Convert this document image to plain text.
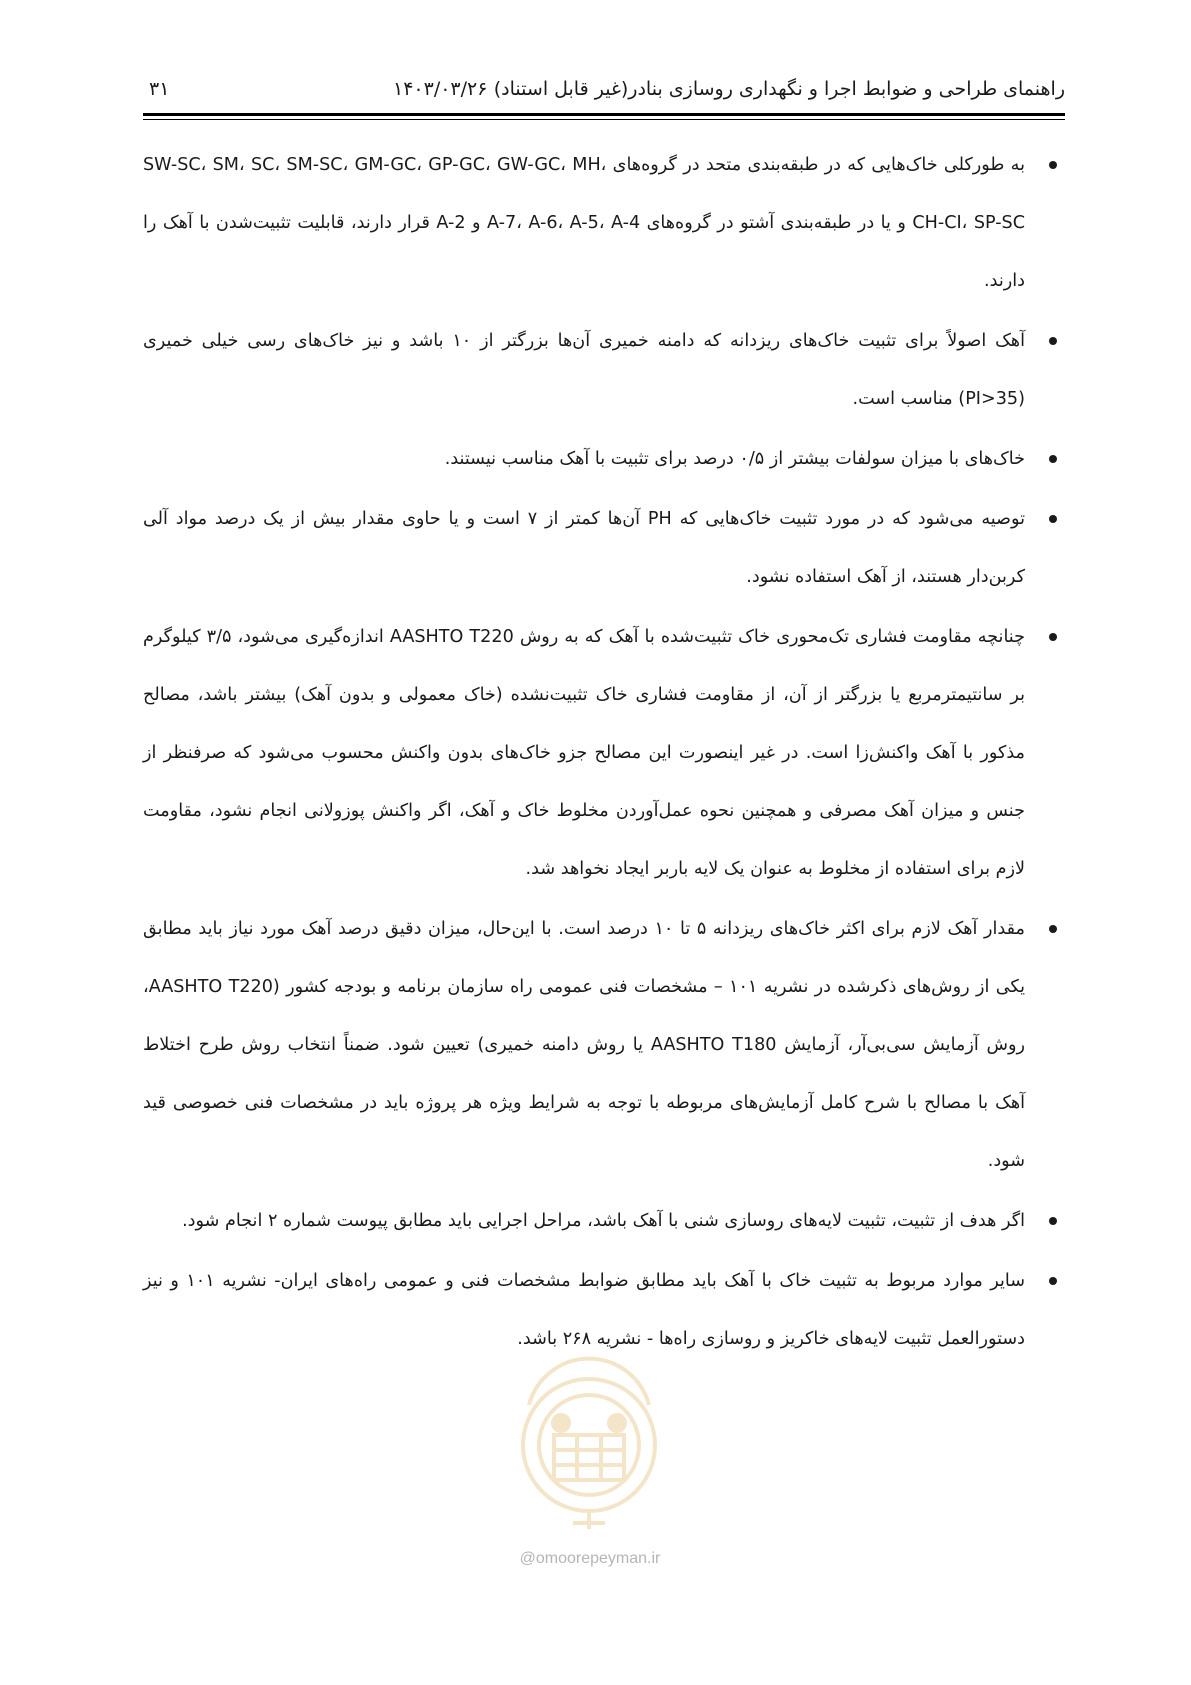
راهنمای طراحی و ضوابط اجرا و نگهداری روسازی بنادر(غیر قابل استناد)
۱۴۰۳/۰۳/۲۶
۳۱
به طورکلی خاک‌هایی که در طبقه‌بندی متحد در گروه‌های SW-SC، SM، SC، SM-SC، GM-GC، GP-GC، GW-GC، MH، CH-CI، SP-SC و یا در طبقه‌بندی آشتو در گروه‌های A-7، A-6، A-5، A-4 و A-2 قرار دارند، قابلیت تثبیت‌شدن با آهک را دارند.
آهک اصولاً برای تثبیت خاک‌های ریزدانه که دامنه خمیری آن‌ها بزرگتر از ۱۰ باشد و نیز خاک‌های رسی خیلی خمیری (PI>35) مناسب است.
خاک‌های با میزان سولفات بیشتر از ۰/۵ درصد برای تثبیت با آهک مناسب نیستند.
توصیه می‌شود که در مورد تثبیت خاک‌هایی که PH آن‌ها کمتر از ۷ است و یا حاوی مقدار بیش از یک درصد مواد آلی کربن‌دار هستند، از آهک استفاده نشود.
چنانچه مقاومت فشاری تک‌محوری خاک تثبیت‌شده با آهک که به روش AASHTO T220 اندازه‌گیری می‌شود، ۳/۵ کیلوگرم بر سانتیمترمربع یا بزرگتر از آن، از مقاومت فشاری خاک تثبیت‌نشده (خاک معمولی و بدون آهک) بیشتر باشد، مصالح مذکور با آهک واکنش‌زا است. در غیر اینصورت این مصالح جزو خاک‌های بدون واکنش محسوب می‌شود که صرفنظر از جنس و میزان آهک مصرفی و همچنین نحوه عمل‌آوردن مخلوط خاک و آهک، اگر واکنش پوزولانی انجام نشود، مقاومت لازم برای استفاده از مخلوط به عنوان یک لایه باربر ایجاد نخواهد شد.
مقدار آهک لازم برای اکثر خاک‌های ریزدانه ۵ تا ۱۰ درصد است. با این‌حال، میزان دقیق درصد آهک مورد نیاز باید مطابق یکی از روش‌های ذکرشده در نشریه ۱۰۱ – مشخصات فنی عمومی راه سازمان برنامه و بودجه کشور (AASHTO T220، روش آزمایش سی‌بی‌آر، آزمایش AASHTO T180 یا روش دامنه خمیری) تعیین شود. ضمناً انتخاب روش طرح اختلاط آهک با مصالح با شرح کامل آزمایش‌های مربوطه با توجه به شرایط ویژه هر پروژه باید در مشخصات فنی خصوصی قید شود.
اگر هدف از تثبیت، تثبیت لایه‌های روسازی شنی با آهک باشد، مراحل اجرایی باید مطابق پیوست شماره ۲ انجام شود.
سایر موارد مربوط به تثبیت خاک با آهک باید مطابق ضوابط مشخصات فنی و عمومی راه‌های ایران- نشریه ۱۰۱ و نیز دستورالعمل تثبیت لایه‌های خاکریز و روسازی راه‌ها - نشریه ۲۶۸ باشد.
@omoorepeyman.ir
